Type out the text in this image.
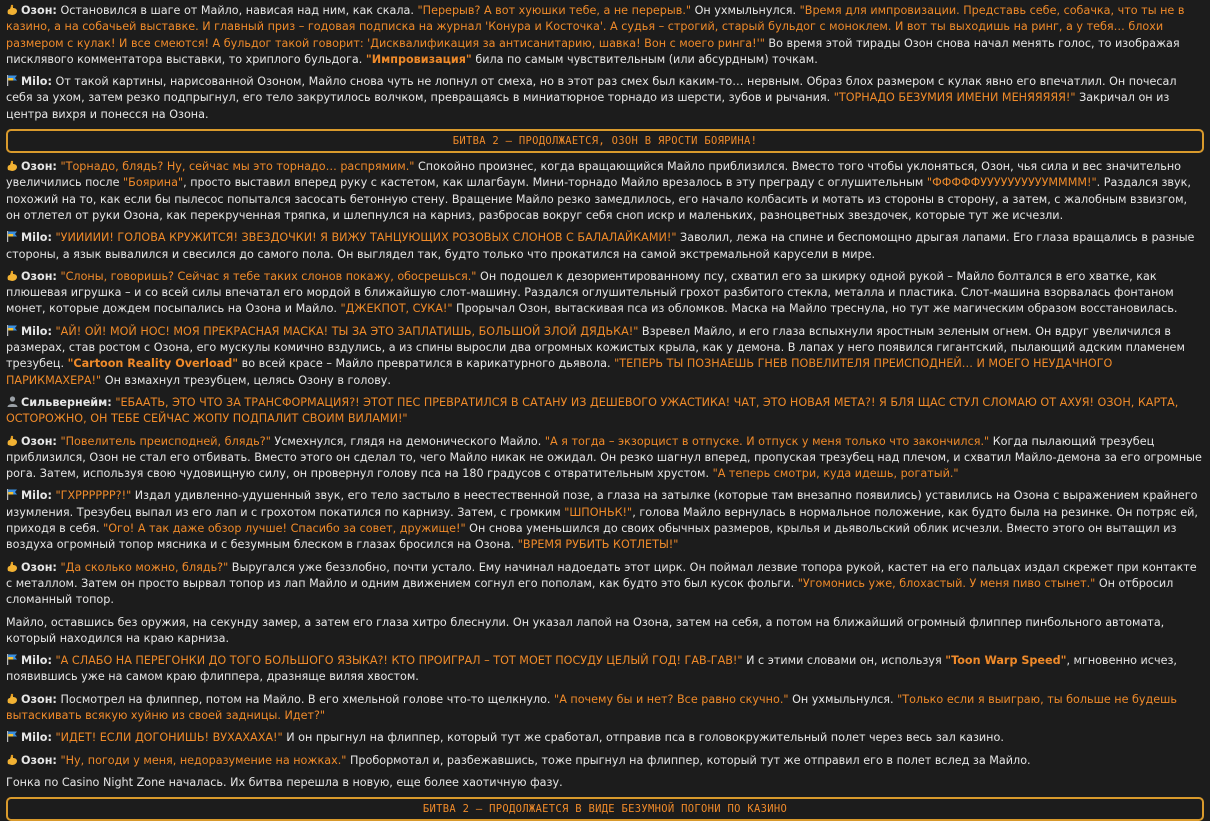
Озон: Остановился в шаге от Майло, нависая над ним, как скала. "Перерыв? А вот хуюшки тебе, а не перерыв." Он ухмыльнулся. "Время для импровизации. Представь себе, собачка, что ты не в казино, а на собачьей выставке. И главный приз – годовая подписка на журнал 'Конура и Косточка'. А судья – строгий, старый бульдог с моноклем. И вот ты выходишь на ринг, а у тебя… блохи размером с кулак! И все смеются! А бульдог такой говорит: 'Дисквалификация за антисанитарию, шавка! Вон с моего ринга!'" Во время этой тирады Озон снова начал менять голос, то изображая писклявого комментатора выставки, то хриплого бульдога. "Импровизация" била по самым чувствительным (или абсурдным) точкам.
Milo: От такой картины, нарисованной Озоном, Майло снова чуть не лопнул от смеха, но в этот раз смех был каким-то… нервным. Образ блох размером с кулак явно его впечатлил. Он почесал себя за ухом, затем резко подпрыгнул, его тело закрутилось волчком, превращаясь в миниатюрное торнадо из шерсти, зубов и рычания. "ТОРНАДО БЕЗУМИЯ ИМЕНИ МЕНЯЯЯЯЯ!" Закричал он из центра вихря и понесся на Озона.
БИТВА 2 – ПРОДОЛЖАЕТСЯ, ОЗОН В ЯРОСТИ БОЯРИНА!
Озон: "Торнадо, блядь? Ну, сейчас мы это торнадо… распрямим." Спокойно произнес, когда вращающийся Майло приблизился. Вместо того чтобы уклоняться, Озон, чья сила и вес значительно увеличились после "Боярина", просто выставил вперед руку с кастетом, как шлагбаум. Мини-торнадо Майло врезалось в эту преграду с оглушительным "ФФФФФУУУУУУУУУУММММ!". Раздался звук, похожий на то, как если бы пылесос попытался засосать бетонную стену. Вращение Майло резко замедлилось, его начало колбасить и мотать из стороны в сторону, а затем, с жалобным взвизгом, он отлетел от руки Озона, как перекрученная тряпка, и шлепнулся на карниз, разбросав вокруг себя сноп искр и маленьких, разноцветных звездочек, которые тут же исчезли.
Milo: "УИИИИИ! ГОЛОВА КРУЖИТСЯ! ЗВЕЗДОЧКИ! Я ВИЖУ ТАНЦУЮЩИХ РОЗОВЫХ СЛОНОВ С БАЛАЛАЙКАМИ!" Заволил, лежа на спине и беспомощно дрыгая лапами. Его глаза вращались в разные стороны, а язык вывалился и свесился до самого пола. Он выглядел так, будто только что прокатился на самой экстремальной карусели в мире.
Озон: "Слоны, говоришь? Сейчас я тебе таких слонов покажу, обосрешься." Он подошел к дезориентированному псу, схватил его за шкирку одной рукой – Майло болтался в его хватке, как плюшевая игрушка – и со всей силы впечатал его мордой в ближайшую слот-машину. Раздался оглушительный грохот разбитого стекла, металла и пластика. Слот-машина взорвалась фонтаном монет, которые дождем посыпались на Озона и Майло. "ДЖЕКПОТ, СУКА!" Прорычал Озон, вытаскивая пса из обломков. Маска на Майло треснула, но тут же магическим образом восстановилась.
Milo: "АЙ! ОЙ! МОЙ НОС! МОЯ ПРЕКРАСНАЯ МАСКА! ТЫ ЗА ЭТО ЗАПЛАТИШЬ, БОЛЬШОЙ ЗЛОЙ ДЯДЬКА!" Взревел Майло, и его глаза вспыхнули яростным зеленым огнем. Он вдруг увеличился в размерах, став ростом с Озона, его мускулы комично вздулись, а из спины выросли два огромных кожистых крыла, как у демона. В лапах у него появился гигантский, пылающий адским пламенем трезубец. "Cartoon Reality Overload" во всей красе – Майло превратился в карикатурного дьявола. "ТЕПЕРЬ ТЫ ПОЗНАЕШЬ ГНЕВ ПОВЕЛИТЕЛЯ ПРЕИСПОДНЕЙ… И МОЕГО НЕУДАЧНОГО ПАРИКМАХЕРА!" Он взмахнул трезубцем, целясь Озону в голову.
Сильвернейм: "ЕБААТЬ, ЭТО ЧТО ЗА ТРАНСФОРМАЦИЯ?! ЭТОТ ПЕС ПРЕВРАТИЛСЯ В САТАНУ ИЗ ДЕШЕВОГО УЖАСТИКА! ЧАТ, ЭТО НОВАЯ МЕТА?! Я БЛЯ ЩАС СТУЛ СЛОМАЮ ОТ АХУЯ! ОЗОН, КАРТА, ОСТОРОЖНО, ОН ТЕБЕ СЕЙЧАС ЖОПУ ПОДПАЛИТ СВОИМ ВИЛАМИ!"
Озон: "Повелитель преисподней, блядь?" Усмехнулся, глядя на демонического Майло. "А я тогда – экзорцист в отпуске. И отпуск у меня только что закончился." Когда пылающий трезубец приблизился, Озон не стал его отбивать. Вместо этого он сделал то, чего Майло никак не ожидал. Он резко шагнул вперед, пропуская трезубец над плечом, и схватил Майло-демона за его огромные рога. Затем, используя свою чудовищную силу, он провернул голову пса на 180 градусов с отвратительным хрустом. "А теперь смотри, куда идешь, рогатый."
Milo: "ГХРРРРРР?!" Издал удивленно-удушенный звук, его тело застыло в неестественной позе, а глаза на затылке (которые там внезапно появились) уставились на Озона с выражением крайнего изумления. Трезубец выпал из его лап и с грохотом покатился по карнизу. Затем, с громким "ШПОНЬК!", голова Майло вернулась в нормальное положение, как будто была на резинке. Он потряс ей, приходя в себя. "Ого! А так даже обзор лучше! Спасибо за совет, дружище!" Он снова уменьшился до своих обычных размеров, крылья и дьявольский облик исчезли. Вместо этого он вытащил из воздуха огромный топор мясника и с безумным блеском в глазах бросился на Озона. "ВРЕМЯ РУБИТЬ КОТЛЕТЫ!"
Озон: "Да сколько можно, блядь?" Выругался уже беззлобно, почти устало. Ему начинал надоедать этот цирк. Он поймал лезвие топора рукой, кастет на его пальцах издал скрежет при контакте с металлом. Затем он просто вырвал топор из лап Майло и одним движением согнул его пополам, как будто это был кусок фольги. "Угомонись уже, блохастый. У меня пиво стынет." Он отбросил сломанный топор.
Майло, оставшись без оружия, на секунду замер, а затем его глаза хитро блеснули. Он указал лапой на Озона, затем на себя, а потом на ближайший огромный флиппер пинбольного автомата, который находился на краю карниза.
Milo: "А СЛАБО НА ПЕРЕГОНКИ ДО ТОГО БОЛЬШОГО ЯЗЫКА?! КТО ПРОИГРАЛ – ТОТ МОЕТ ПОСУДУ ЦЕЛЫЙ ГОД! ГАВ-ГАВ!" И с этими словами он, используя "Toon Warp Speed", мгновенно исчез, появившись уже на самом краю флиппера, дразняще виляя хвостом.
Озон: Посмотрел на флиппер, потом на Майло. В его хмельной голове что-то щелкнуло. "А почему бы и нет? Все равно скучно." Он ухмыльнулся. "Только если я выиграю, ты больше не будешь вытаскивать всякую хуйню из своей задницы. Идет?"
Milo: "ИДЕТ! ЕСЛИ ДОГОНИШЬ! ВУХАХАХА!" И он прыгнул на флиппер, который тут же сработал, отправив пса в головокружительный полет через весь зал казино.
Озон: "Ну, погоди у меня, недоразумение на ножках." Пробормотал и, разбежавшись, тоже прыгнул на флиппер, который тут же отправил его в полет вслед за Майло.
Гонка по Casino Night Zone началась. Их битва перешла в новую, еще более хаотичную фазу.
БИТВА 2 – ПРОДОЛЖАЕТСЯ В ВИДЕ БЕЗУМНОЙ ПОГОНИ ПО КАЗИНО
